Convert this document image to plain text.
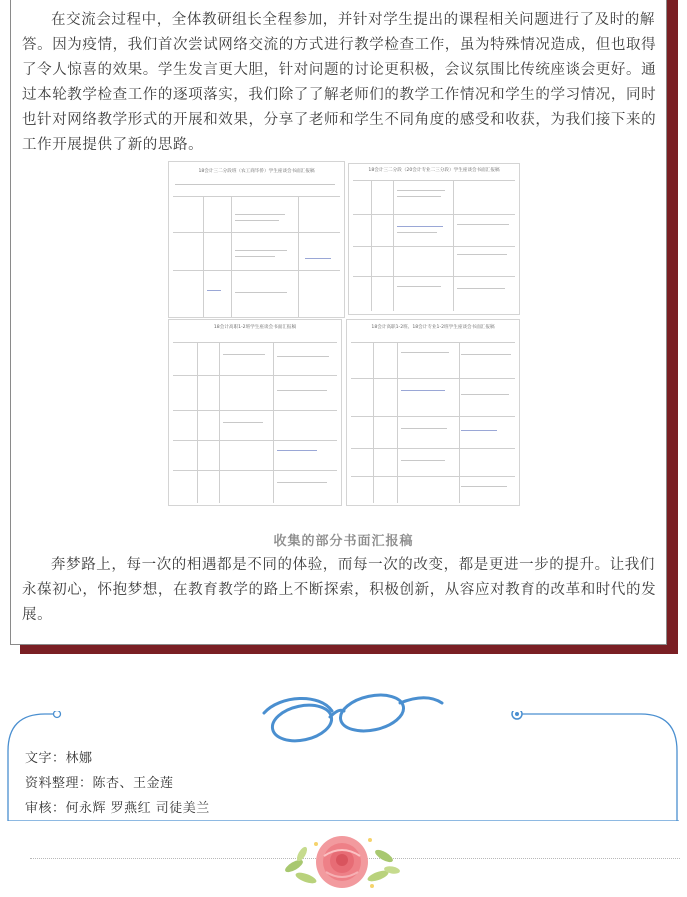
在交流会过程中，全体教研组长全程参加，并针对学生提出的课程相关问题进行了及时的解答。因为疫情，我们首次尝试网络交流的方式进行教学检查工作，虽为特殊情况造成，但也取得了令人惊喜的效果。学生发言更大胆，针对问题的讨论更积极，会议氛围比传统座谈会更好。通过本轮教学检查工作的逐项落实，我们除了了解老师们的教学工作情况和学生的学习情况，同时也针对网络教学形式的开展和效果，分享了老师和学生不同角度的感受和收获，为我们接下来的工作开展提供了新的思路。

18会计三二分段班（农工商毕侨）学生座谈会书面汇报稿	18会计三二分段（20会计专业二三分段）学生座谈会书面汇报稿
18会计高职1-2班学生座谈会书面汇报稿	18会计高职1-2班、18会计专业1-2班学生座谈会书面汇报稿
收集的部分书面汇报稿

奔梦路上，每一次的相遇都是不同的体验，而每一次的改变，都是更进一步的提升。让我们永葆初心，怀抱梦想，在教育教学的路上不断探索，积极创新，从容应对教育的改革和时代的发展。

文字：林娜
资料整理：陈杏、王金莲
审核：何永辉 罗燕红 司徒美兰
